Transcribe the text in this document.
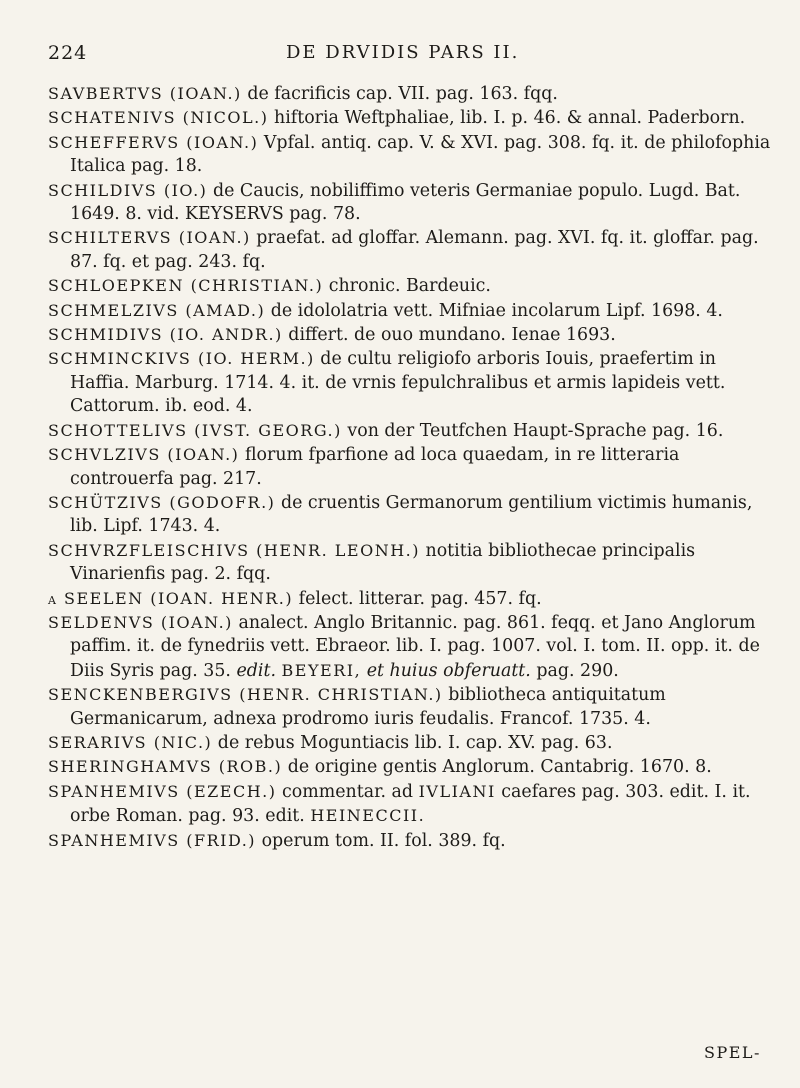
224	DE DRVIDIS PARS II.

SAVBERTVS (IOAN.) de facrificis cap. VII. pag. 163. fqq.

SCHATENIVS (NICOL.) hiftoria Weftphaliae, lib. I. p. 46. & annal. Paderborn.

SCHEFFERVS (IOAN.) Vpfal. antiq. cap. V. & XVI. pag. 308. fq. it. de philofophia Italica pag. 18.

SCHILDIVS (IO.) de Caucis, nobiliffimo veteris Germaniae populo. Lugd. Bat. 1649. 8. vid. KEYSERVS pag. 78.

SCHILTERVS (IOAN.) praefat. ad gloffar. Alemann. pag. XVI. fq. it. gloffar. pag. 87. fq. et pag. 243. fq.

SCHLOEPKEN (CHRISTIAN.) chronic. Bardeuic.

SCHMELZIVS (AMAD.) de idololatria vett. Mifniae incolarum Lipf. 1698. 4.

SCHMIDIVS (IO. ANDR.) differt. de ouo mundano. Ienae 1693.

SCHMINCKIVS (IO. HERM.) de cultu religiofo arboris Iouis, praefertim in Haffia. Marburg. 1714. 4. it. de vrnis fepulchralibus et armis lapideis vett. Cattorum. ib. eod. 4.

SCHOTTELIVS (IVST. GEORG.) von der Teutfchen Haupt-Sprache pag. 16.

SCHVLZIVS (IOAN.) florum fparfione ad loca quaedam, in re litteraria controuerfa pag. 217.

SCHÜTZIVS (GODOFR.) de cruentis Germanorum gentilium victimis humanis, lib. Lipf. 1743. 4.

SCHVRZFLEISCHIVS (HENR. LEONH.) notitia bibliothecae principalis Vinarienfis pag. 2. fqq.

a SEELEN (IOAN. HENR.) felect. litterar. pag. 457. fq.

SELDENVS (IOAN.) analect. Anglo Britannic. pag. 861. feqq. et Jano Anglorum paffim. it. de fynedriis vett. Ebraeor. lib. I. pag. 1007. vol. I. tom. II. opp. it. de Diis Syris pag. 35. edit. BEYERI, et huius obferuatt. pag. 290.

SENCKENBERGIVS (HENR. CHRISTIAN.) bibliotheca antiquitatum Germanicarum, adnexa prodromo iuris feudalis. Francof. 1735. 4.

SERARIVS (NIC.) de rebus Moguntiacis lib. I. cap. XV. pag. 63.

SHERINGHAMVS (ROB.) de origine gentis Anglorum. Cantabrig. 1670. 8.

SPANHEMIVS (EZECH.) commentar. ad IVLIANI caefares pag. 303. edit. I. it. orbe Roman. pag. 93. edit. HEINECCII.

SPANHEMIVS (FRID.) operum tom. II. fol. 389. fq.

SPEL-
